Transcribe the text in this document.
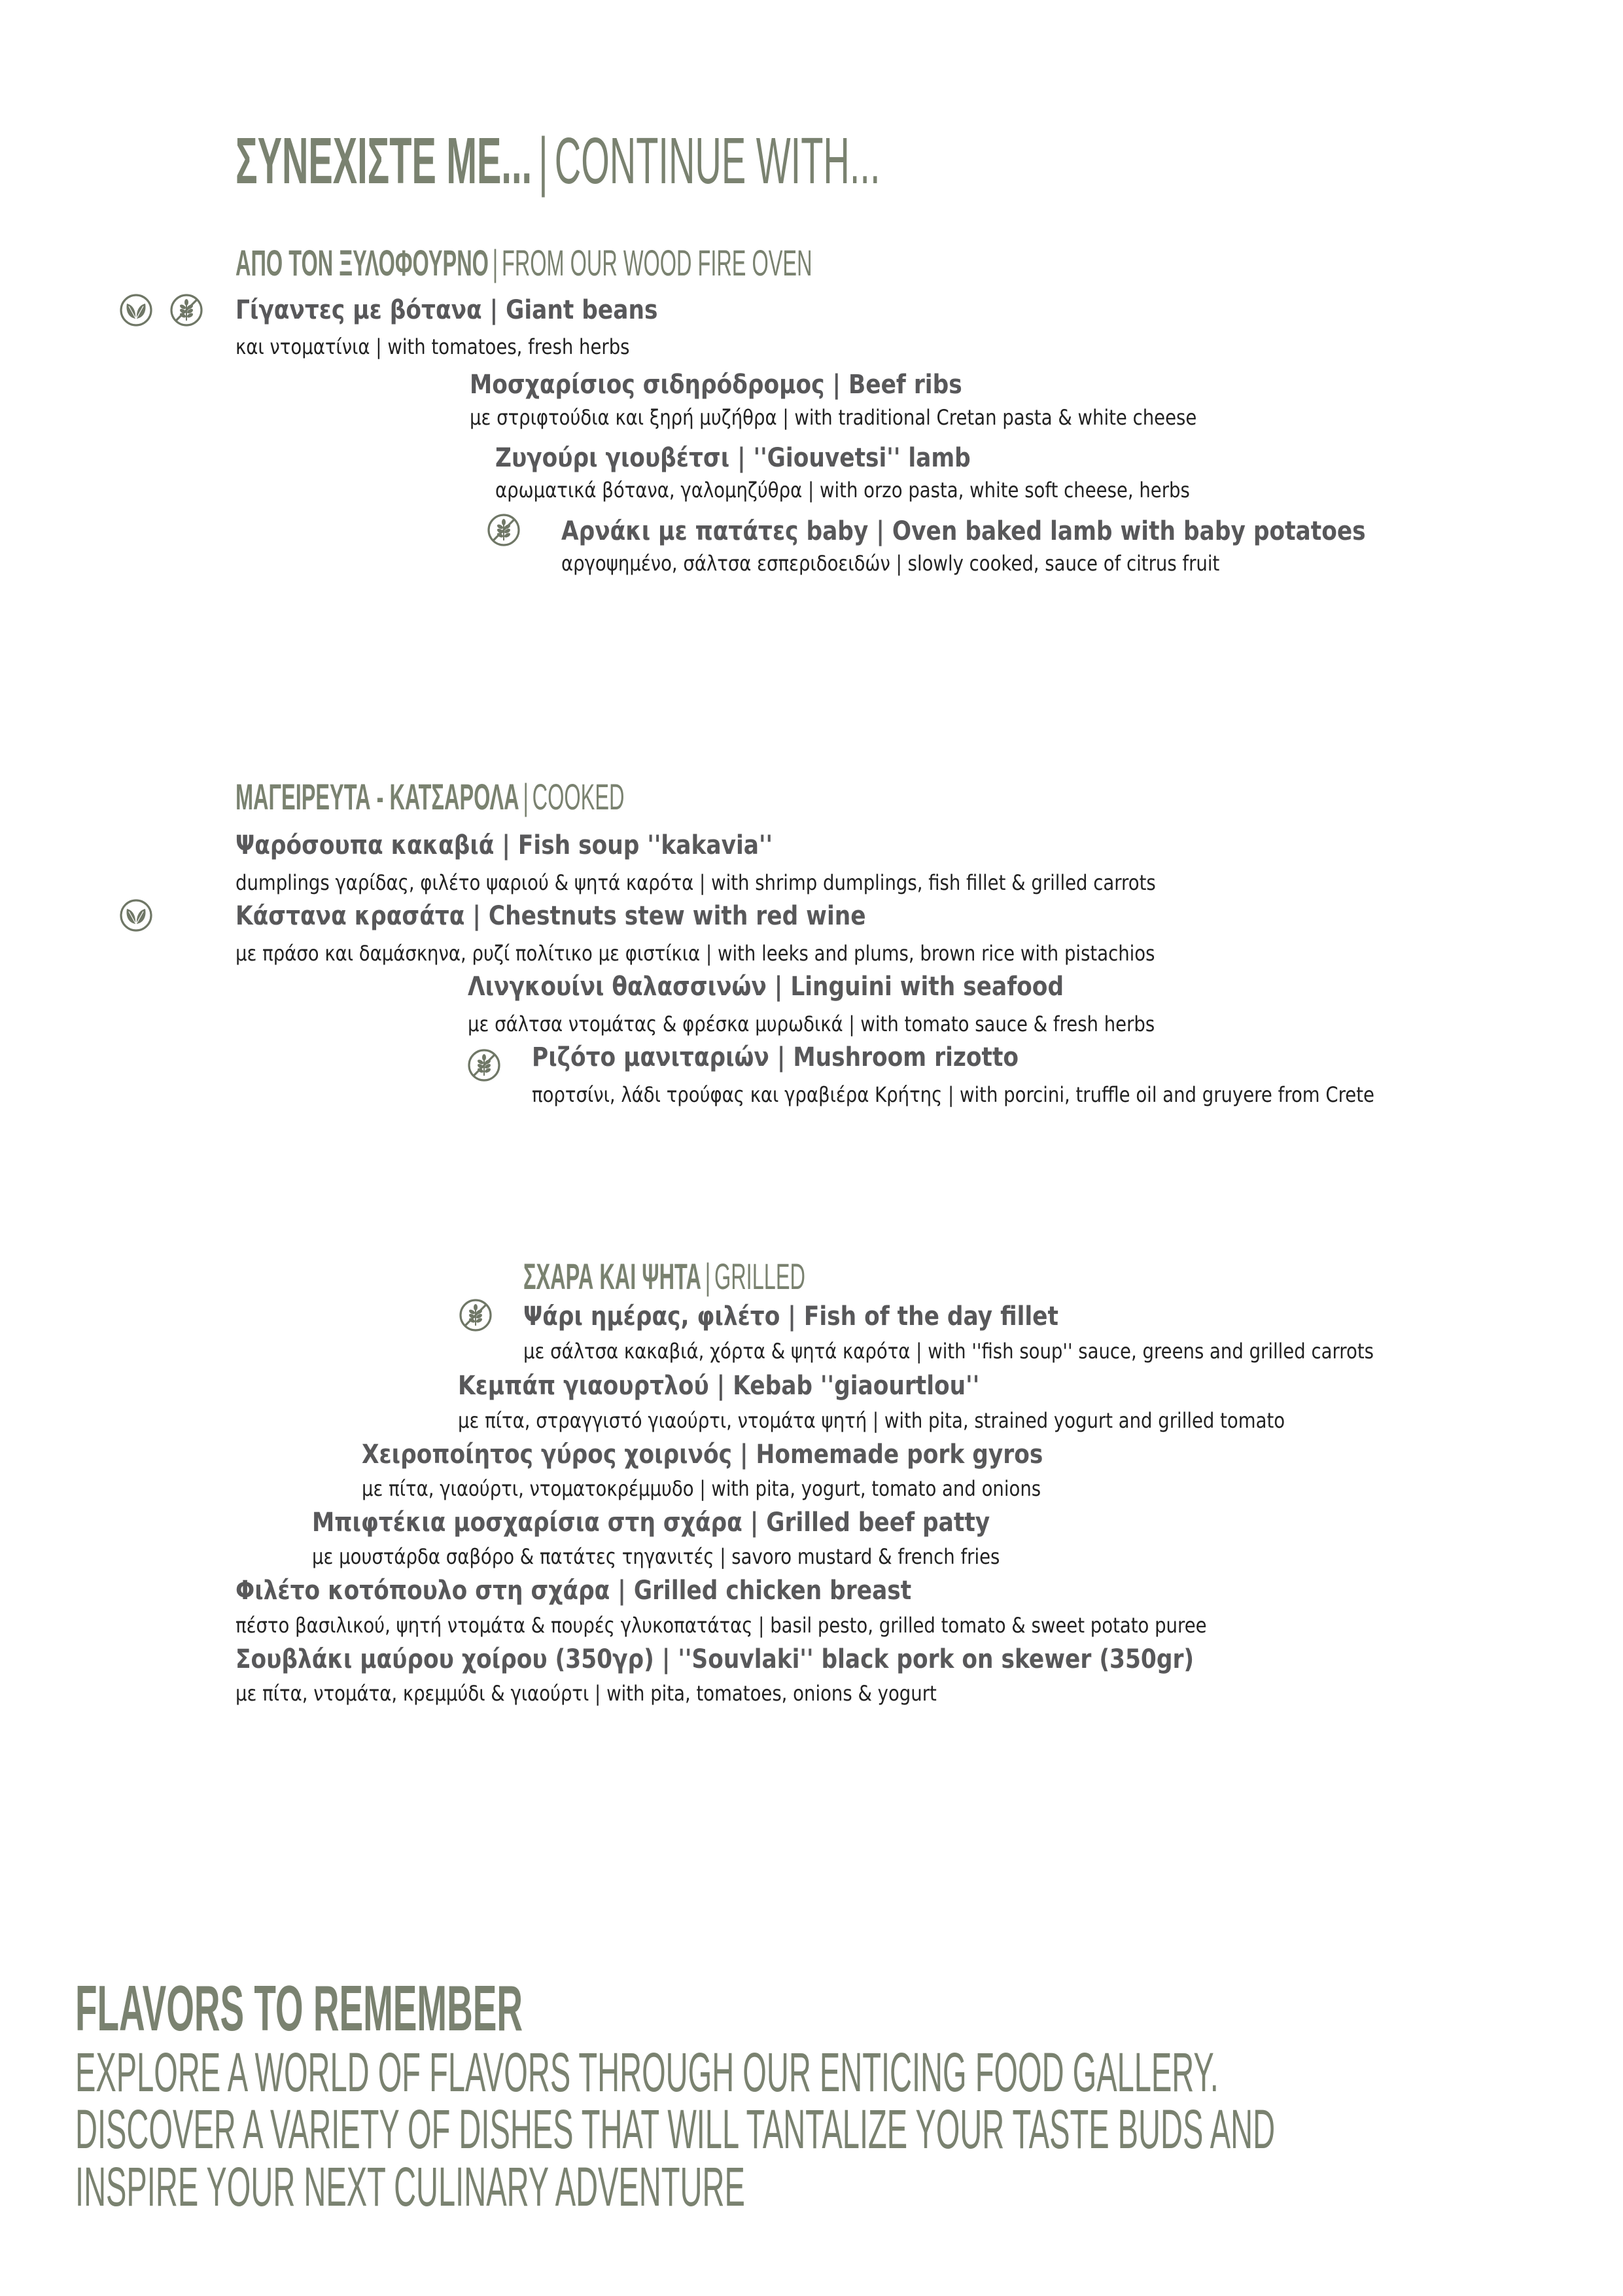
ΣΥΝΕΧΙΣΤΕ ΜΕ... | CONTINUE WITH...
ΑΠΟ ΤΟΝ ΞΥΛΟΦΟΥΡΝΟ | FROM OUR WOOD FIRE OVEN
Γίγαντες με βότανα | Giant beans
και ντοματίνια | with tomatoes, fresh herbs
Μοσχαρίσιος σιδηρόδρομος | Beef ribs
με στριφτούδια και ξηρή μυζήθρα | with traditional Cretan pasta & white cheese
Ζυγούρι γιουβέτσι | ''Giouvetsi'' lamb
αρωματικά βότανα, γαλομηζύθρα | with orzo pasta, white soft cheese, herbs
Αρνάκι με πατάτες baby | Oven baked lamb with baby potatoes
αργοψημένο, σάλτσα εσπεριδοειδών | slowly cooked, sauce of citrus fruit
ΜΑΓΕΙΡΕΥΤΑ - ΚΑΤΣΑΡΟΛΑ | COOKED
Ψαρόσουπα κακαβιά | Fish soup ''kakavia''
dumplings γαρίδας, φιλέτο ψαριού & ψητά καρότα | with shrimp dumplings, fish fillet & grilled carrots
Κάστανα κρασάτα | Chestnuts stew with red wine
με πράσο και δαμάσκηνα, ρυζί πολίτικο με φιστίκια | with leeks and plums, brown rice with pistachios
Λινγκουίνι θαλασσινών | Linguini with seafood
με σάλτσα ντομάτας & φρέσκα μυρωδικά | with tomato sauce & fresh herbs
Ριζότο μανιταριών | Mushroom rizotto
πορτσίνι, λάδι τρούφας και γραβιέρα Κρήτης | with porcini, truffle oil and gruyere from Crete
ΣΧΑΡΑ ΚΑΙ ΨΗΤΑ | GRILLED
Ψάρι ημέρας, φιλέτο | Fish of the day fillet
με σάλτσα κακαβιά, χόρτα & ψητά καρότα | with ''fish soup'' sauce, greens and grilled carrots
Κεμπάπ γιαουρτλού | Kebab ''giaourtlou''
με πίτα, στραγγιστό γιαούρτι, ντομάτα ψητή | with pita, strained yogurt and grilled tomato
Χειροποίητος γύρος χοιρινός | Homemade pork gyros
με πίτα, γιαούρτι, ντοματοκρέμμυδο | with pita, yogurt, tomato and onions
Μπιφτέκια μοσχαρίσια στη σχάρα | Grilled beef patty
με μουστάρδα σαβόρο & πατάτες τηγανιτές | savoro mustard & french fries
Φιλέτο κοτόπουλο στη σχάρα | Grilled chicken breast
πέστο βασιλικού, ψητή ντομάτα & πουρές γλυκοπατάτας | basil pesto, grilled tomato & sweet potato puree
Σουβλάκι μαύρου χοίρου (350γρ) | ''Souvlaki'' black pork on skewer (350gr)
με πίτα, ντομάτα, κρεμμύδι & γιαούρτι | with pita, tomatoes, onions & yogurt
FLAVORS TO REMEMBER
EXPLORE A WORLD OF FLAVORS THROUGH OUR ENTICING FOOD GALLERY.
DISCOVER A VARIETY OF DISHES THAT WILL TANTALIZE YOUR TASTE BUDS AND
INSPIRE YOUR NEXT CULINARY ADVENTURE
